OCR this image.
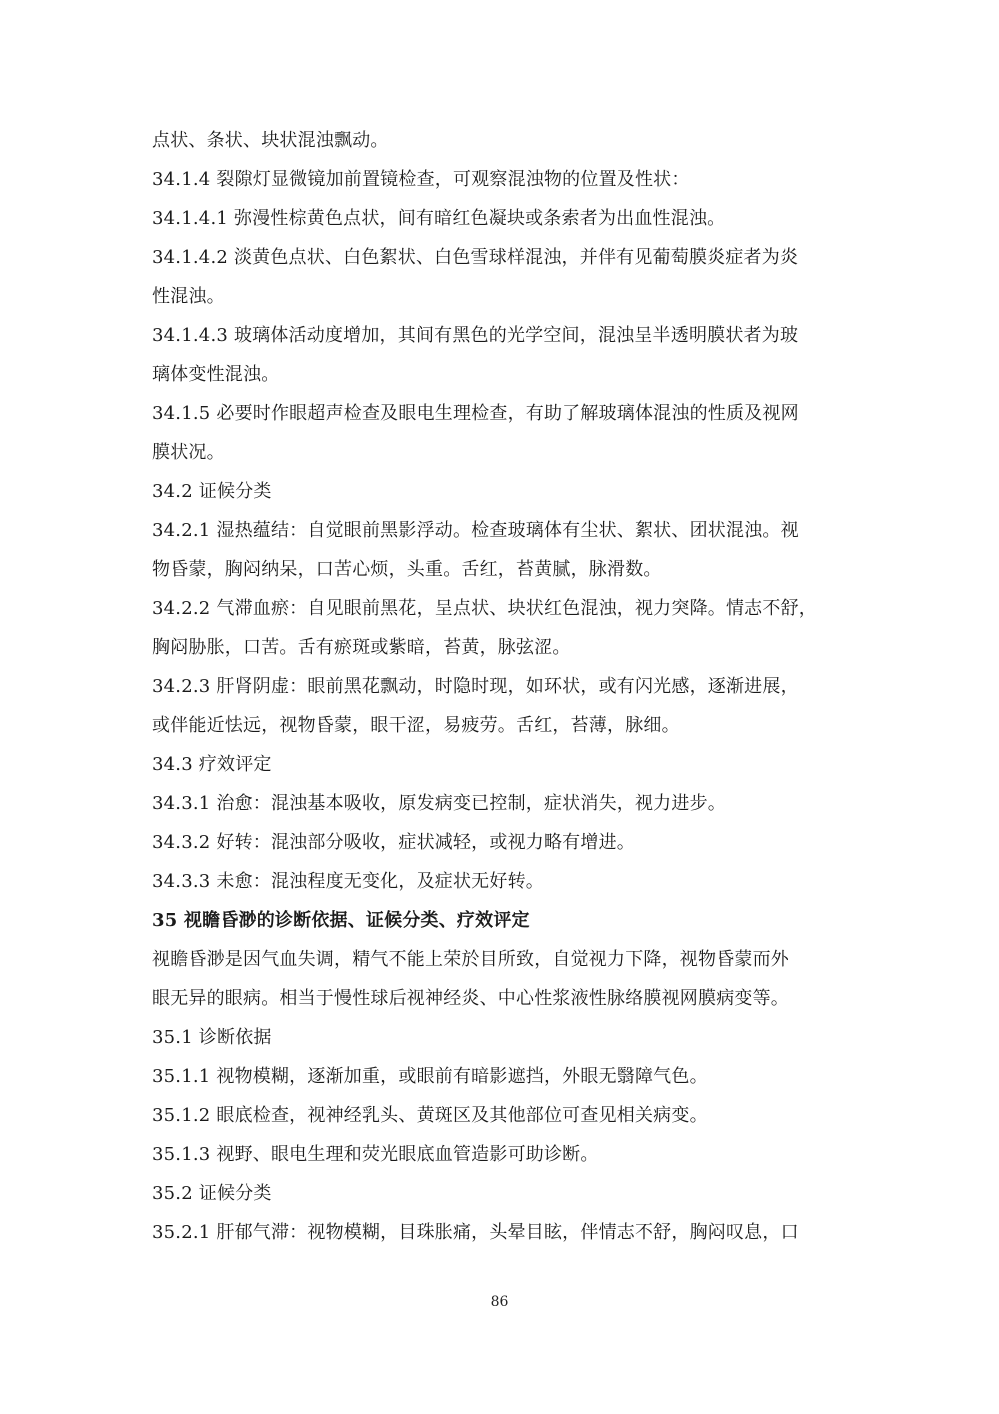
点状、条状、块状混浊飘动。
34.1.4 裂隙灯显微镜加前置镜检查，可观察混浊物的位置及性状：
34.1.4.1 弥漫性棕黄色点状，间有暗红色凝块或条索者为出血性混浊。
34.1.4.2 淡黄色点状、白色絮状、白色雪球样混浊，并伴有见葡萄膜炎症者为炎
性混浊。
34.1.4.3 玻璃体活动度增加，其间有黑色的光学空间，混浊呈半透明膜状者为玻
璃体变性混浊。
34.1.5 必要时作眼超声检查及眼电生理检查，有助了解玻璃体混浊的性质及视网
膜状况。
34.2 证候分类
34.2.1 湿热蕴结：自觉眼前黑影浮动。检查玻璃体有尘状、絮状、团状混浊。视
物昏蒙，胸闷纳呆，口苦心烦，头重。舌红，苔黄腻，脉滑数。
34.2.2 气滞血瘀：自见眼前黑花，呈点状、块状红色混浊，视力突降。情志不舒，
胸闷胁胀，口苦。舌有瘀斑或紫暗，苔黄，脉弦涩。
34.2.3 肝肾阴虚：眼前黑花飘动，时隐时现，如环状，或有闪光感，逐渐进展，
或伴能近怯远，视物昏蒙，眼干涩，易疲劳。舌红，苔薄，脉细。
34.3 疗效评定
34.3.1 治愈：混浊基本吸收，原发病变已控制，症状消失，视力进步。
34.3.2 好转：混浊部分吸收，症状减轻，或视力略有增进。
34.3.3 未愈：混浊程度无变化，及症状无好转。
35 视瞻昏渺的诊断依据、证候分类、疗效评定
视瞻昏渺是因气血失调，精气不能上荣於目所致，自觉视力下降，视物昏蒙而外
眼无异的眼病。相当于慢性球后视神经炎、中心性浆液性脉络膜视网膜病变等。
35.1 诊断依据
35.1.1 视物模糊，逐渐加重，或眼前有暗影遮挡，外眼无翳障气色。
35.1.2 眼底检查，视神经乳头、黄斑区及其他部位可查见相关病变。
35.1.3 视野、眼电生理和荧光眼底血管造影可助诊断。
35.2 证候分类
35.2.1 肝郁气滞：视物模糊，目珠胀痛，头晕目眩，伴情志不舒，胸闷叹息，口
86
